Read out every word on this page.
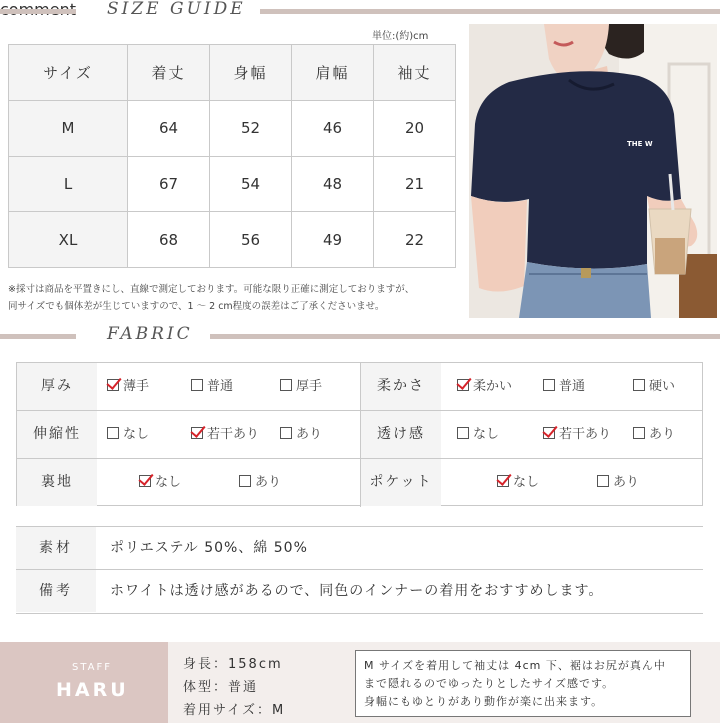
SIZE GUIDE
単位:(約)cm
サイズ	着丈	身幅	肩幅	袖丈
M	64	52	46	20
L	67	54	48	21
XL	68	56	49	22
※採寸は商品を平置きにし、直線で測定しております。可能な限り正確に測定しておりますが、
同サイズでも個体差が生じていますので、1 ～ 2 cm程度の誤差はご了承くださいませ。
THE W
FABRIC
厚み	薄手	普通	厚手	柔かさ	柔かい	普通	硬い
伸縮性	なし	若干あり	あり	透け感	なし	若干あり	あり
裏地	なし	あり	ポケット	なし	あり
素材	ポリエステル 50%、綿 50%
備考	ホワイトは透け感があるので、同色のインナーの着用をおすすめします。
STAFF
HARU
身長：158cm
体型：普通
着用サイズ：M
M サイズを着用して袖丈は 4cm 下、裾はお尻が真ん中
まで隠れるのでゆったりとしたサイズ感です。
身幅にもゆとりがあり動作が楽に出来ます。
